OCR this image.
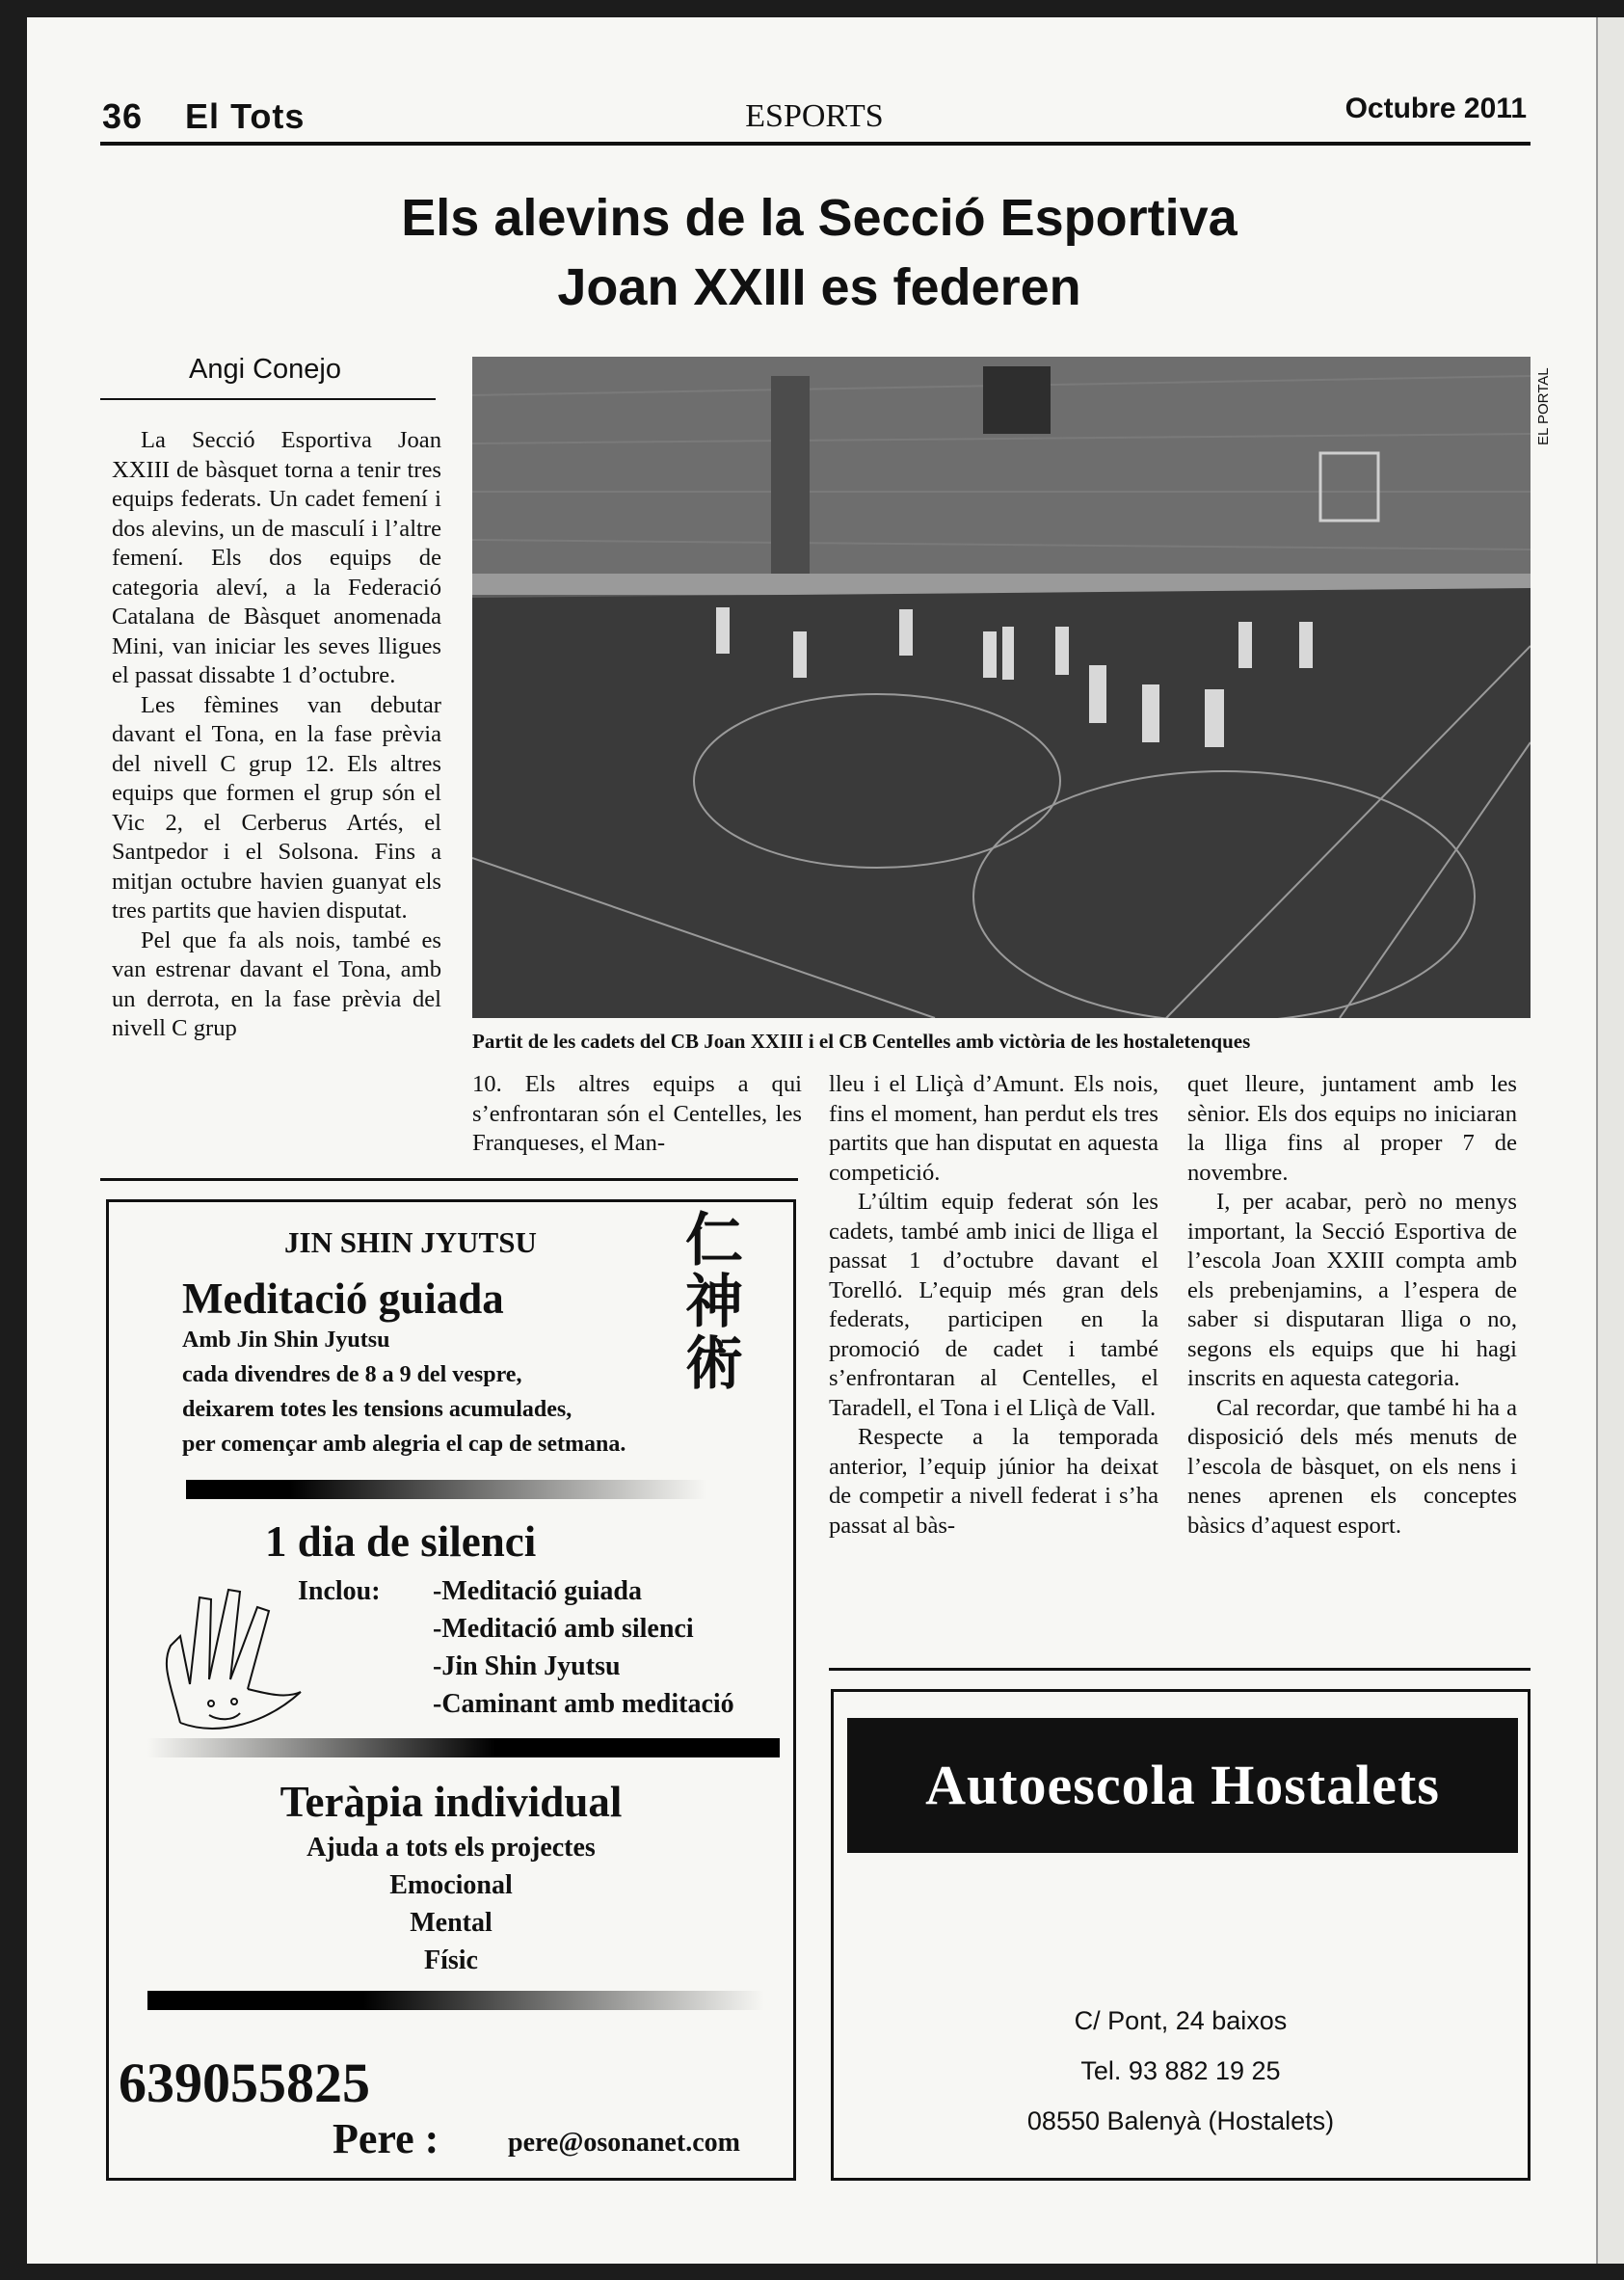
36 El Tots	ESPORTS	Octubre 2011
Els alevins de la Secció Esportiva
Joan XXIII es federen
Angi Conejo	EL PORTAL
Partit de les cadets del CB Joan XXIII i el CB Centelles amb victòria de les hostaletenques

La Secció Esportiva Joan XXIII de bàsquet torna a tenir tres equips federats. Un cadet femení i dos alevins, un de masculí i l’altre femení. Els dos equips de categoria aleví, a la Federació Catalana de Bàsquet anomenada Mini, van iniciar les seves lligues el passat dissabte 1 d’octubre.

Les fèmines van debutar davant el Tona, en la fase prèvia del nivell C grup 12. Els altres equips que formen el grup són el Vic 2, el Cerberus Artés, el Santpedor i el Solsona. Fins a mitjan octubre havien guanyat els tres partits que havien disputat.

Pel que fa als nois, també es van estrenar davant el Tona, amb un derrota, en la fase prèvia del nivell C grup

10. Els altres equips a qui s’enfrontaran són el Centelles, les Franqueses, el Man-

lleu i el Lliçà d’Amunt. Els nois, fins el moment, han perdut els tres partits que han disputat en aquesta competició.

L’últim equip federat són les cadets, també amb inici de lliga el passat 1 d’octubre davant el Torelló. L’equip més gran dels federats, participen en la promoció de cadet i també s’enfrontaran al Centelles, el Taradell, el Tona i el Lliçà de Vall.

Respecte a la temporada anterior, l’equip júnior ha deixat de competir a nivell federat i s’ha passat al bàs-

quet lleure, juntament amb les sènior. Els dos equips no iniciaran la lliga fins al proper 7 de novembre.

I, per acabar, però no menys important, la Secció Esportiva de l’escola Joan XXIII compta amb els prebenjamins, a l’espera de saber si disputaran lliga o no, segons els equips que hi hagi inscrits en aquesta categoria.

Cal recordar, que també hi ha a disposició dels més menuts de l’escola de bàsquet, on els nens i nenes aprenen els conceptes bàsics d’aquest esport.

JIN SHIN JYUTSU	仁
神
術
Meditació guiada
Amb Jin Shin Jyutsu
cada divendres de 8 a 9 del vespre,
deixarem totes les tensions acumulades,
per començar amb alegria el cap de setmana.
1 dia de silenci
Inclou: -Meditació guiada
-Meditació amb silenci
-Jin Shin Jyutsu
-Caminant amb meditació
Teràpia individual
Ajuda a tots els projectes
Emocional
Mental
Físic
639055825
Pere :	pere@osonanet.com
Autoescola Hostalets
C/ Pont, 24 baixos
Tel. 93 882 19 25
08550 Balenyà (Hostalets)
